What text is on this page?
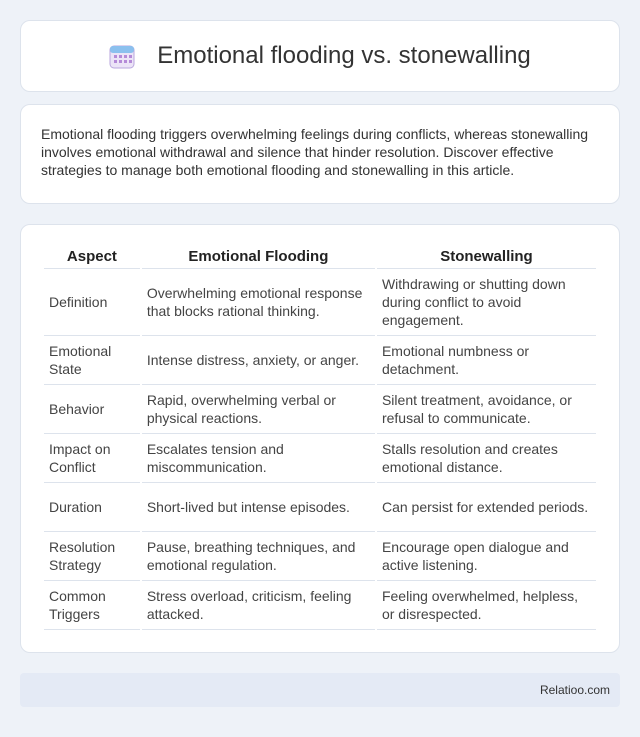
Emotional flooding vs. stonewalling

Emotional flooding triggers overwhelming feelings during conflicts, whereas stonewalling involves emotional withdrawal and silence that hinder resolution. Discover effective strategies to manage both emotional flooding and stonewalling in this article.

Aspect	Emotional Flooding	Stonewalling
Definition	Overwhelming emotional response that blocks rational thinking.	Withdrawing or shutting down during conflict to avoid engagement.
Emotional State	Intense distress, anxiety, or anger.	Emotional numbness or detachment.
Behavior	Rapid, overwhelming verbal or physical reactions.	Silent treatment, avoidance, or refusal to communicate.
Impact on Conflict	Escalates tension and miscommunication.	Stalls resolution and creates emotional distance.
Duration	Short-lived but intense episodes.	Can persist for extended periods.
Resolution Strategy	Pause, breathing techniques, and emotional regulation.	Encourage open dialogue and active listening.
Common Triggers	Stress overload, criticism, feeling attacked.	Feeling overwhelmed, helpless, or disrespected.
Relatioo.com
